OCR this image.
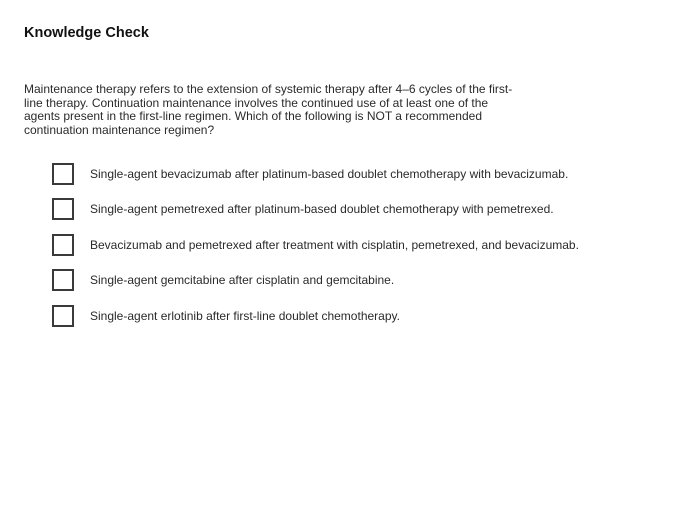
Knowledge Check
Maintenance therapy refers to the extension of systemic therapy after 4–6 cycles of the first-line therapy. Continuation maintenance involves the continued use of at least one of the agents present in the first-line regimen. Which of the following is NOT a recommended continuation maintenance regimen?
Single-agent bevacizumab after platinum-based doublet chemotherapy with bevacizumab.
Single-agent pemetrexed after platinum-based doublet chemotherapy with pemetrexed.
Bevacizumab and pemetrexed after treatment with cisplatin, pemetrexed, and bevacizumab.
Single-agent gemcitabine after cisplatin and gemcitabine.
Single-agent erlotinib after first-line doublet chemotherapy.
